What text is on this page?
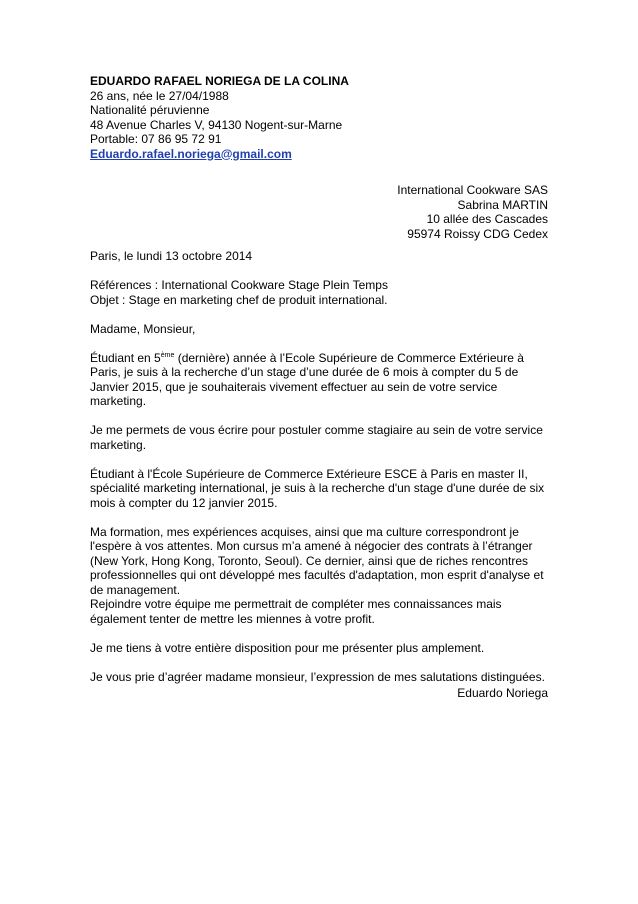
EDUARDO RAFAEL NORIEGA DE LA COLINA
26 ans, née le 27/04/1988
Nationalité péruvienne
48 Avenue Charles V, 94130 Nogent-sur-Marne
Portable: 07 86 95 72 91
Eduardo.rafael.noriega@gmail.com
International Cookware SAS
Sabrina MARTIN
10 allée des Cascades
95974 Roissy CDG Cedex

Paris, le lundi 13 octobre 2014

Références : International Cookware Stage Plein Temps

Objet : Stage en marketing chef de produit international.

Madame, Monsieur,

Étudiant en 5ème (dernière) année à l’Ecole Supérieure de Commerce Extérieure à Paris, je suis à la recherche d’un stage d’une durée de 6 mois à compter du 5 de Janvier 2015, que je souhaiterais vivement effectuer au sein de votre service marketing.

Je me permets de vous écrire pour postuler comme stagiaire au sein de votre service marketing.

Étudiant à l'École Supérieure de Commerce Extérieure ESCE à Paris en master II, spécialité marketing international, je suis à la recherche d'un stage d'une durée de six mois à compter du 12 janvier 2015.

Ma formation, mes expériences acquises, ainsi que ma culture correspondront je l'espère à vos attentes. Mon cursus m’a amené à négocier des contrats à l’étranger (New York, Hong Kong, Toronto, Seoul). Ce dernier, ainsi que de riches rencontres professionnelles qui ont développé mes facultés d'adaptation, mon esprit d'analyse et de management.

Rejoindre votre équipe me permettrait de compléter mes connaissances mais également tenter de mettre les miennes à votre profit.

Je me tiens à votre entière disposition pour me présenter plus amplement.

Je vous prie d’agréer madame monsieur, l’expression de mes salutations distinguées.

Eduardo Noriega
